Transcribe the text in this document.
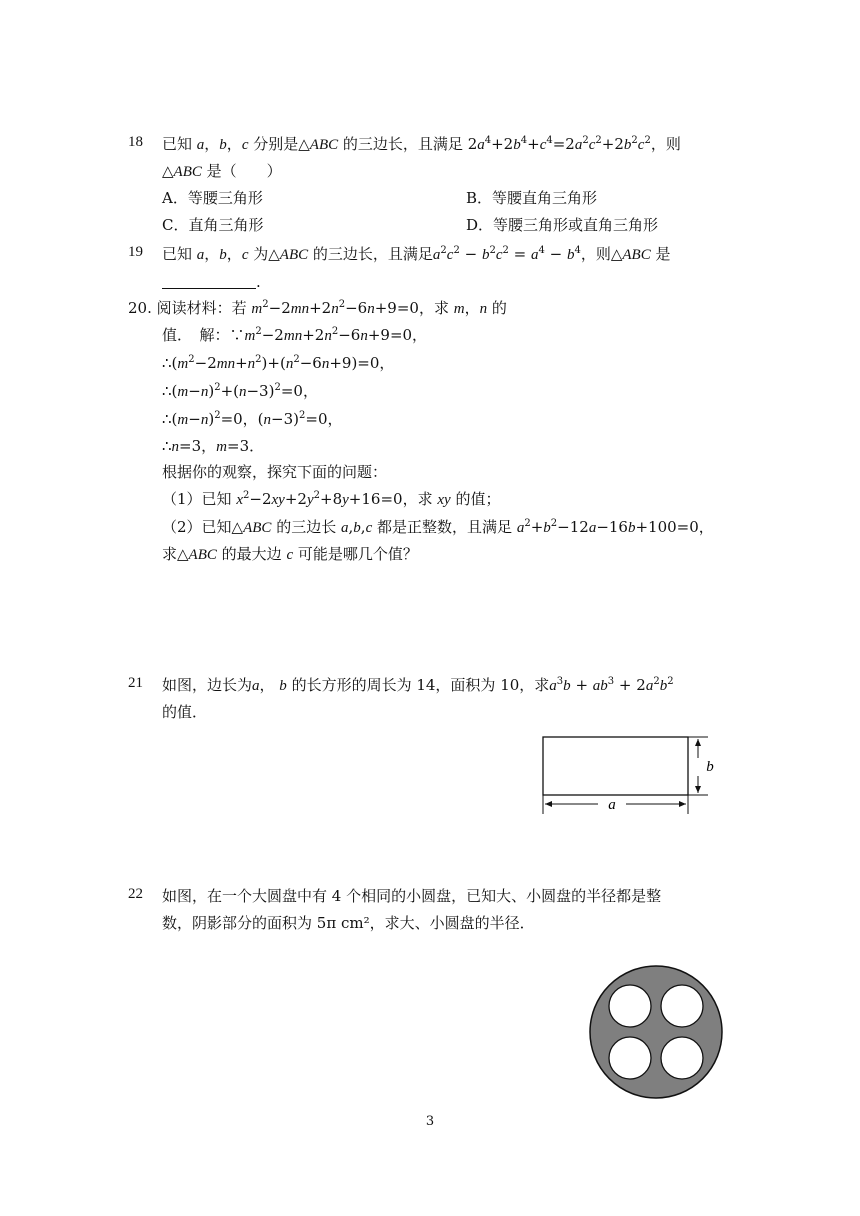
18 已知 a，b，c 分别是△ABC 的三边长，且满足 $2a^4+2b^4+c^4=2a^2c^2+2b^2c^2$，则
△ABC 是（　　）
A．等腰三角形	B．等腰直角三角形
C．直角三角形	D．等腰三角形或直角三角形
19 已知 a，b，c 为△ABC 的三边长，且满足$a^2c^2 - b^2c^2 = a^4 - b^4$，则△ABC 是
.
20. 阅读材料：若 $m^2-2mn+2n^2-6n+9=0$，求 m，n 的
值．　解：$\because m^2-2mn+2n^2-6n+9=0$，
$\therefore(m^2-2mn+n^2)+(n^2-6n+9)=0$，
$\therefore(m-n)^2+(n-3)^2=0$，
$\therefore(m-n)^2=0$，$(n-3)^2=0$，
∴n=3，m=3．
根据你的观察，探究下面的问题：
（1）已知 $x^2-2xy+2y^2+8y+16=0$，求 xy 的值；
（2）已知△ABC 的三边长 a,b,c 都是正整数，且满足 $a^2+b^2-12a-16b+100=0$，
求△ABC 的最大边 c 可能是哪几个值？
21 如图，边长为a， b 的长方形的周长为 14，面积为 10，求$a^3b + ab^3 + 2a^2b^2$
的值．
a
b
22 如图，在一个大圆盘中有 4 个相同的小圆盘，已知大、小圆盘的半径都是整
数，阴影部分的面积为 5π cm²，求大、小圆盘的半径．
3
